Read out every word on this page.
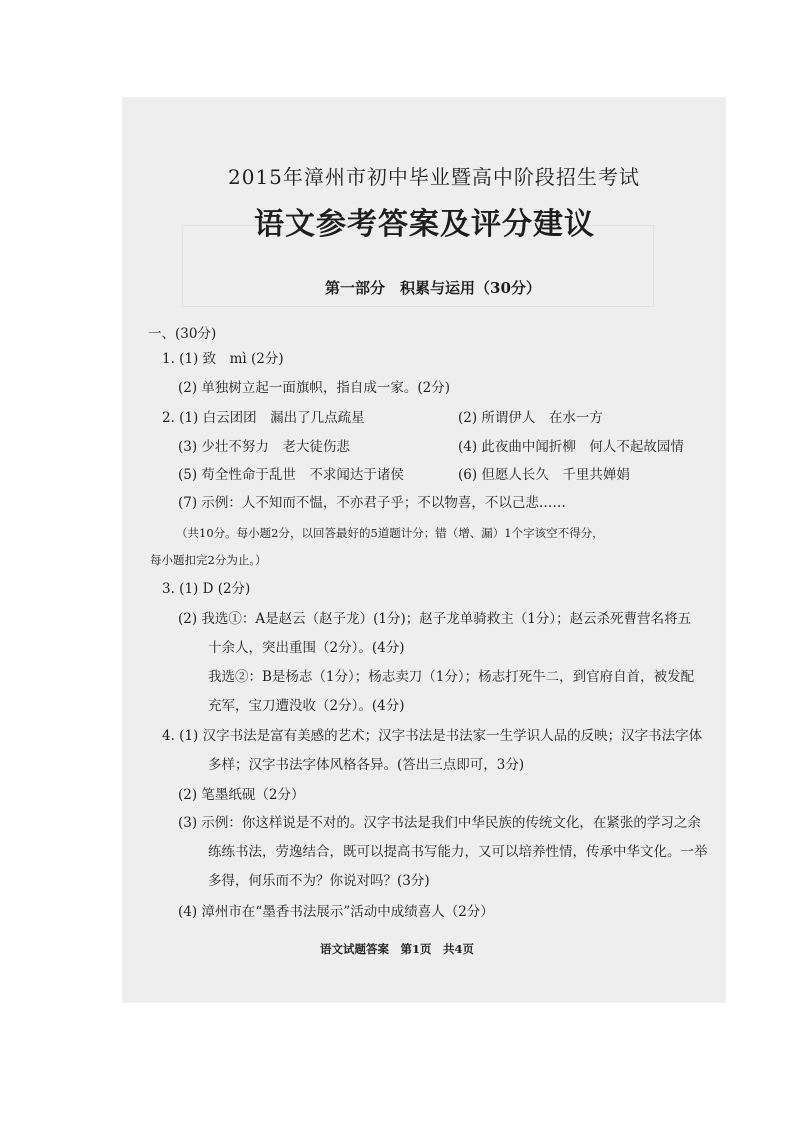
2015年漳州市初中毕业暨高中阶段招生考试
语文参考答案及评分建议
第一部分　积累与运用（30分）
一、(30分)
1. (1) 致　mì (2分)
(2) 单独树立起一面旗帜，指自成一家。(2分)
2. (1) 白云团团　漏出了几点疏星	(2) 所谓伊人　在水一方
(3) 少壮不努力　老大徒伤悲	(4) 此夜曲中闻折柳　何人不起故园情
(5) 苟全性命于乱世　不求闻达于诸侯	(6) 但愿人长久　千里共婵娟
(7) 示例：人不知而不愠，不亦君子乎；不以物喜，不以己悲……
（共10分。每小题2分，以回答最好的5道题计分；错（增、漏）1个字该空不得分，
每小题扣完2分为止。）
3. (1) D (2分)
(2) 我选①：A是赵云（赵子龙）(1分)；赵子龙单骑救主（1分）；赵云杀死曹营名将五
十余人，突出重围（2分）。(4分)
我选②：B是杨志（1分）；杨志卖刀（1分）；杨志打死牛二，到官府自首，被发配
充军，宝刀遭没收（2分）。(4分)
4. (1) 汉字书法是富有美感的艺术；汉字书法是书法家一生学识人品的反映；汉字书法字体
多样；汉字书法字体风格各异。(答出三点即可，3分)
(2) 笔墨纸砚（2分）
(3) 示例：你这样说是不对的。汉字书法是我们中华民族的传统文化，在紧张的学习之余
练练书法，劳逸结合，既可以提高书写能力，又可以培养性情，传承中华文化。一举
多得，何乐而不为？你说对吗？(3分)
(4) 漳州市在“墨香书法展示”活动中成绩喜人（2分）
语文试题答案　第1页　共4页
